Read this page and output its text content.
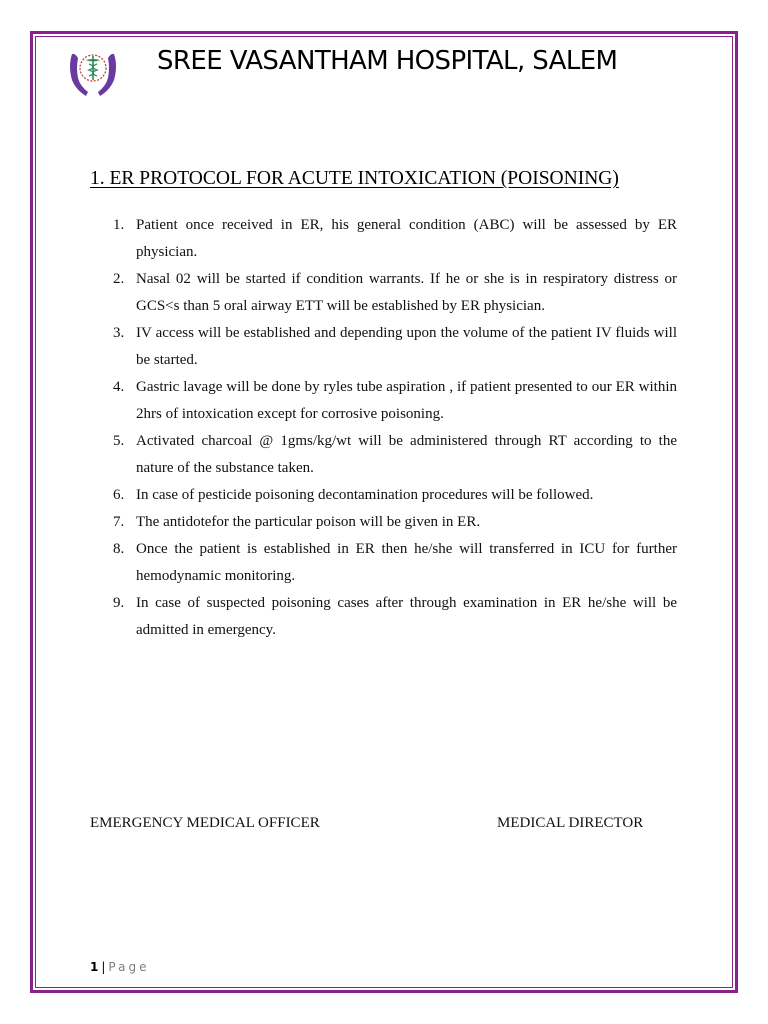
SREE VASANTHAM HOSPITAL, SALEM
1. ER PROTOCOL FOR ACUTE INTOXICATION (POISONING)
1. Patient once received in ER, his general condition (ABC) will be assessed by ER physician.
2. Nasal 02 will be started if condition warrants. If he or she is in respiratory distress or GCS<s than 5 oral airway ETT will be established by ER physician.
3. IV access will be established and depending upon the volume of the patient IV fluids will be started.
4. Gastric lavage will be done by ryles tube aspiration , if patient presented to our ER within 2hrs of intoxication except for corrosive poisoning.
5. Activated charcoal @ 1gms/kg/wt will be administered through RT according to the nature of the substance taken.
6. In case of pesticide poisoning decontamination procedures will be followed.
7. The antidotefor the particular poison will be given in ER.
8. Once the patient is established in ER then he/she will transferred in ICU for further hemodynamic monitoring.
9. In case of suspected poisoning cases after through examination in ER he/she will be admitted in emergency.
EMERGENCY MEDICAL OFFICER	MEDICAL DIRECTOR
1 | Page
